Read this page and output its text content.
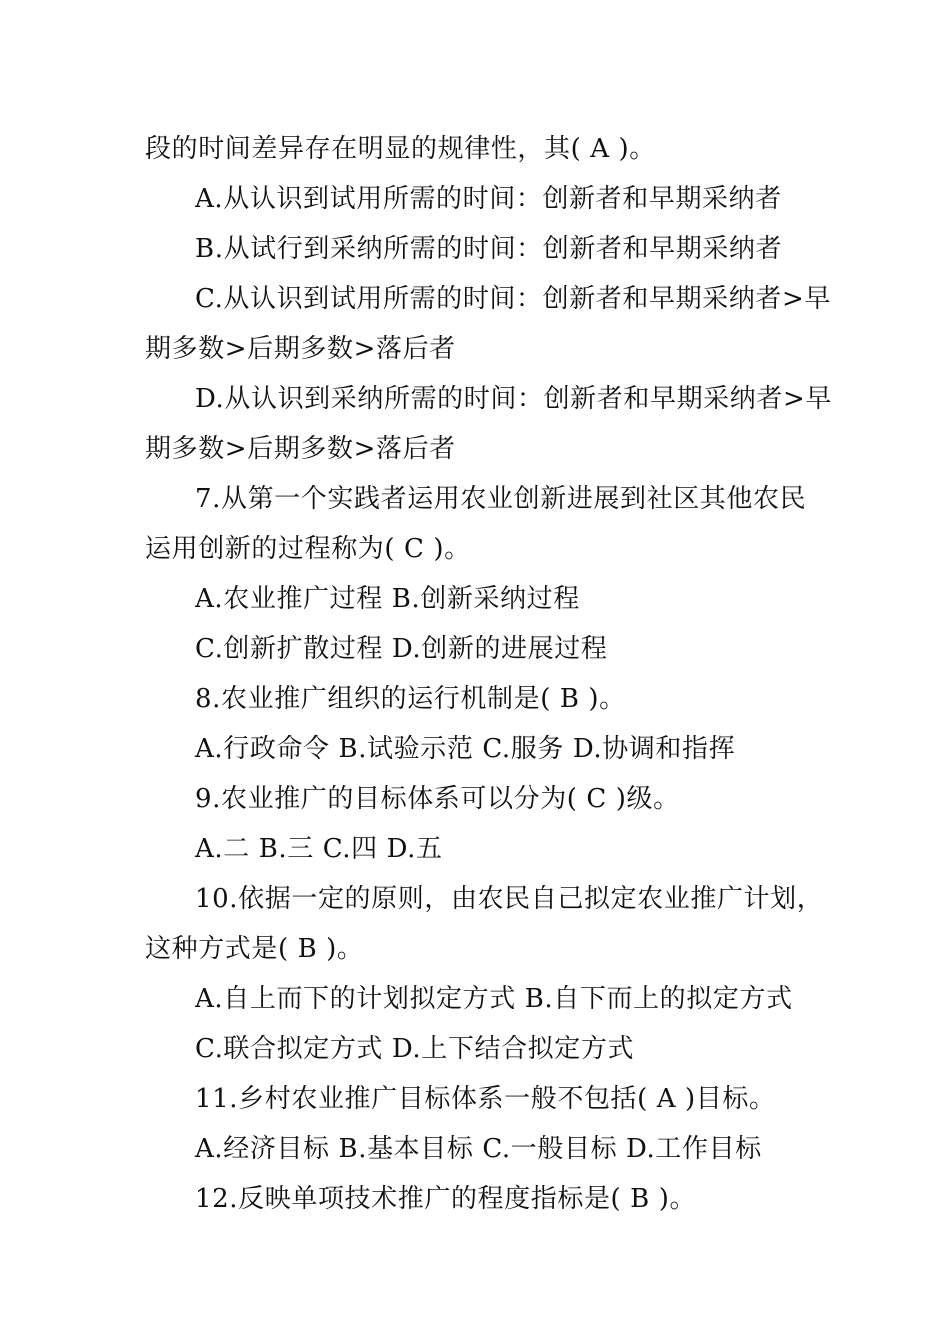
段的时间差异存在明显的规律性，其( A )。
A.从认识到试用所需的时间：创新者和早期采纳者
B.从试行到采纳所需的时间：创新者和早期采纳者
C.从认识到试用所需的时间：创新者和早期采纳者>早
期多数>后期多数>落后者
D.从认识到采纳所需的时间：创新者和早期采纳者>早
期多数>后期多数>落后者
7.从第一个实践者运用农业创新进展到社区其他农民
运用创新的过程称为( C )。
A.农业推广过程 B.创新采纳过程
C.创新扩散过程 D.创新的进展过程
8.农业推广组织的运行机制是( B )。
A.行政命令 B.试验示范 C.服务 D.协调和指挥
9.农业推广的目标体系可以分为( C )级。
A.二 B.三 C.四 D.五
10.依据一定的原则，由农民自己拟定农业推广计划，
这种方式是( B )。
A.自上而下的计划拟定方式 B.自下而上的拟定方式
C.联合拟定方式 D.上下结合拟定方式
11.乡村农业推广目标体系一般不包括( A )目标。
A.经济目标 B.基本目标 C.一般目标 D.工作目标
12.反映单项技术推广的程度指标是( B )。
